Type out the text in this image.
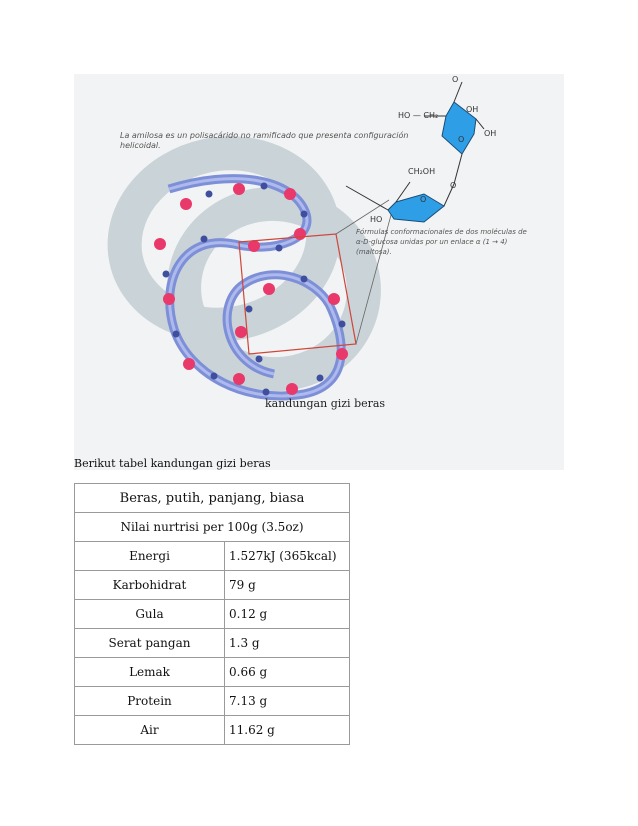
O
HO — CH₂
OH
OH
O
O
CH₂OH
HO
O
La amilosa es un polisacárido no ramificado que presenta configuración
helicoidal.
Fórmulas conformacionales de dos moléculas de
α-D-glucosa unidas por un enlace α (1 → 4)
(maltosa).
kandungan gizi beras
Berikut tabel kandungan gizi beras
Beras, putih, panjang, biasa	
Nilai nurtrisi per 100g (3.5oz)	
Energi	1.527kJ (365kcal)
Karbohidrat	79 g
Gula	0.12 g
Serat pangan	1.3 g
Lemak	0.66 g
Protein	7.13 g
Air	11.62 g
